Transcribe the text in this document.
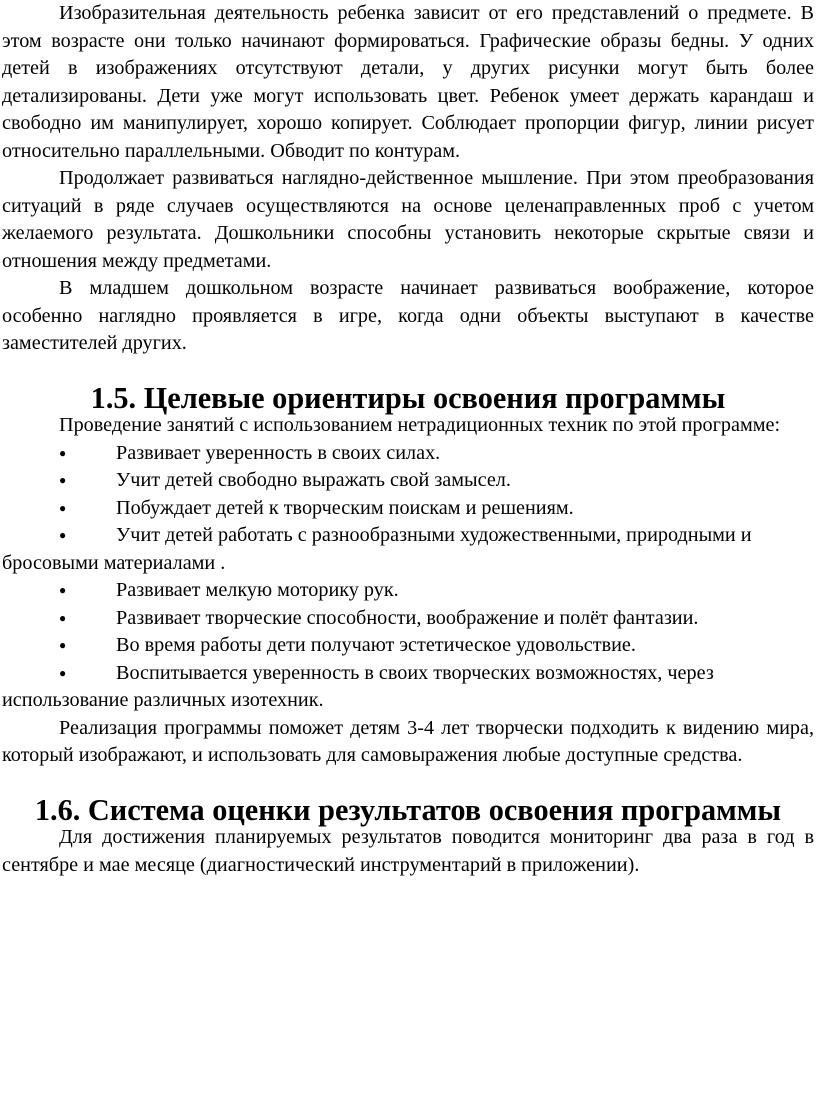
Изобразительная деятельность ребенка зависит от его представлений о предмете. В этом возрасте они только начинают формироваться. Графические образы бедны. У одних детей в изображениях отсутствуют детали, у других рисунки могут быть более детализированы. Дети уже могут использовать цвет. Ребенок умеет держать карандаш и свободно им манипулирует, хорошо копирует. Соблюдает пропорции фигур, линии рисует относительно параллельными. Обводит по контурам.

Продолжает развиваться наглядно-действенное мышление. При этом преобразования ситуаций в ряде случаев осуществляются на основе целенаправленных проб с учетом желаемого результата. Дошкольники способны установить некоторые скрытые связи и отношения между предметами.

В младшем дошкольном возрасте начинает развиваться воображение, которое особенно наглядно проявляется в игре, когда одни объекты выступают в качестве заместителей других.

1.5. Целевые ориентиры освоения программы

Проведение занятий с использованием нетрадиционных техник по этой программе:

● Развивает уверенность в своих силах.
● Учит детей свободно выражать свой замысел.
● Побуждает детей к творческим поискам и решениям.
● Учит детей работать с разнообразными художественными, природными и бросовыми материалами .
● Развивает мелкую моторику рук.
● Развивает творческие способности, воображение и полёт фантазии.
● Во время работы дети получают эстетическое удовольствие.
● Воспитывается уверенность в своих творческих возможностях, через использование различных изотехник.

Реализация программы поможет детям 3-4 лет творчески подходить к видению мира, который изображают, и использовать для самовыражения любые доступные средства.

1.6. Система оценки результатов освоения программы

Для достижения планируемых результатов поводится мониторинг два раза в год в сентябре и мае месяце (диагностический инструментарий в приложении).
